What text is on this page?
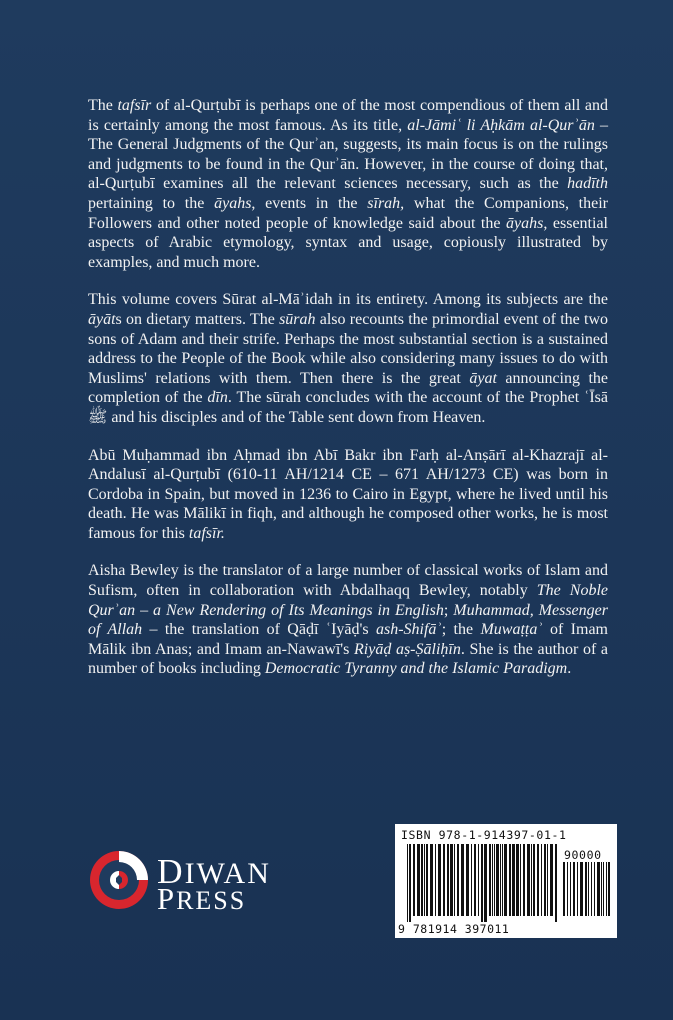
The tafsīr of al-Qurṭubī is perhaps one of the most compendious of them all and is certainly among the most famous. As its title, al-Jāmiʿ li Aḥkām al-Qurʾān – The General Judgments of the Qurʾan, suggests, its main focus is on the rulings and judgments to be found in the Qurʾān. However, in the course of doing that, al-Qurṭubī examines all the relevant sciences necessary, such as the hadīth pertaining to the āyahs, events in the sīrah, what the Companions, their Followers and other noted people of knowledge said about the āyahs, essential aspects of Arabic etymology, syntax and usage, copiously illustrated by examples, and much more.

This volume covers Sūrat al-Māʾidah in its entirety. Among its subjects are the āyāts on dietary matters. The sūrah also recounts the primordial event of the two sons of Adam and their strife. Perhaps the most substantial section is a sustained address to the People of the Book while also considering many issues to do with Muslims' relations with them. Then there is the great āyat announcing the completion of the dīn. The sūrah concludes with the account of the Prophet ʿĪsā ﷺ and his disciples and of the Table sent down from Heaven.

Abū Muḥammad ibn Aḥmad ibn Abī Bakr ibn Farḥ al-Anṣārī al-Khazrajī al-Andalusī al-Qurṭubī (610-11 AH/1214 CE – 671 AH/1273 CE) was born in Cordoba in Spain, but moved in 1236 to Cairo in Egypt, where he lived until his death. He was Mālikī in fiqh, and although he composed other works, he is most famous for this tafsīr.

Aisha Bewley is the translator of a large number of classical works of Islam and Sufism, often in collaboration with Abdalhaqq Bewley, notably The Noble Qurʾan – a New Rendering of Its Meanings in English; Muhammad, Messenger of Allah – the translation of Qāḍī ʿIyāḍ's ash-Shifāʾ; the Muwaṭṭaʾ of Imam Mālik ibn Anas; and Imam an-Nawawī's Riyāḍ aṣ-Ṣāliḥīn. She is the author of a number of books including Democratic Tyranny and the Islamic Paradigm.

DIWAN
PRESS
ISBN 978-1-914397-01-1
90000
9 781914 397011
